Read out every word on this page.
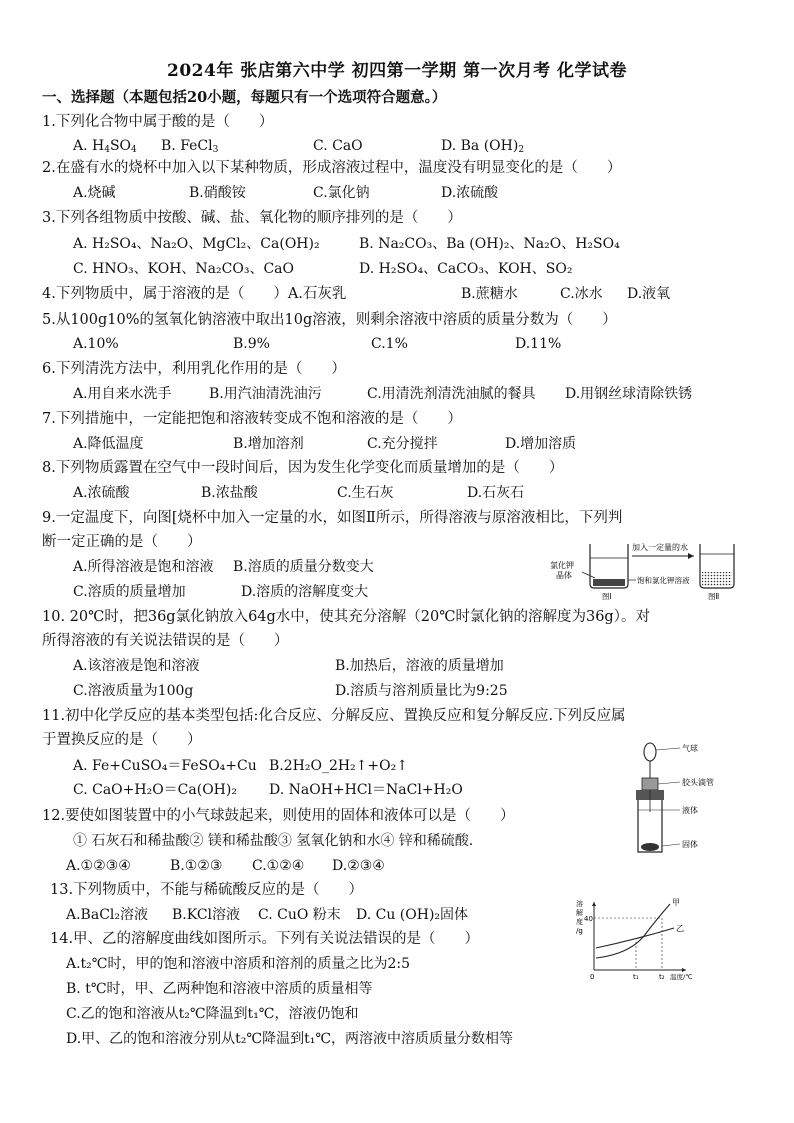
2024年 张店第六中学 初四第一学期 第一次月考 化学试卷
一、选择题（本题包括20小题，每题只有一个选项符合题意。）
1.下列化合物中属于酸的是（　　）
A. $H_4SO_4$ B. FeCl$_3$	C. CaO	D. Ba $(OH)_2$
2.在盛有水的烧杯中加入以下某种物质，形成溶液过程中，温度没有明显变化的是（　　）
A.烧碱	B.硝酸铵	C.氯化钠	D.浓硫酸
3.下列各组物质中按酸、碱、盐、氧化物的顺序排列的是（　　）
A. H₂SO₄、Na₂O、MgCl₂、Ca(OH)₂	B. Na₂CO₃、Ba (OH)₂、Na₂O、H₂SO₄
C. HNO₃、KOH、Na₂CO₃、CaO	D. H₂SO₄、CaCO₃、KOH、SO₂
4.下列物质中，属于溶液的是（　　）A.石灰乳	B.蔗糖水	C.冰水 D.液氧
5.从100g10%的氢氧化钠溶液中取出10g溶液，则剩余溶液中溶质的质量分数为（　　）
A.10%	B.9%	C.1%	D.11%
6.下列清洗方法中，利用乳化作用的是（　　）
A.用自来水洗手	B.用汽油清洗油污	C.用清洗剂清洗油腻的餐具 D.用钢丝球清除铁锈
7.下列措施中，一定能把饱和溶液转变成不饱和溶液的是（　　）
A.降低温度	B.增加溶剂	C.充分搅拌	D.增加溶质
8.下列物质露置在空气中一段时间后，因为发生化学变化而质量增加的是（　　）
A.浓硫酸	B.浓盐酸	C.生石灰	D.石灰石
9.一定温度下，向图[烧杯中加入一定量的水，如图Ⅱ所示，所得溶液与原溶液相比，下列判
断一定正确的是（　　）
A.所得溶液是饱和溶液 B.溶质的质量分数变大
C.溶质的质量增加	D.溶质的溶解度变大
氯化钾
晶体
饱和氯化钾溶液
加入一定量的水
图Ⅰ	图Ⅱ
10. 20℃时，把36g氯化钠放入64g水中，使其充分溶解（20℃时氯化钠的溶解度为36g）。对
所得溶液的有关说法错误的是（　　）
A.该溶液是饱和溶液	B.加热后，溶液的质量增加
C.溶液质量为100g	D.溶质与溶剂质量比为9:25
11.初中化学反应的基本类型包括:化合反应、分解反应、置换反应和复分解反应.下列反应属
于置换反应的是（　　）
A. Fe+CuSO₄＝FeSO₄+Cu B.2H₂O_2H₂↑+O₂↑
C. CaO+H₂O＝Ca(OH)₂ D. NaOH+HCl＝NaCl+H₂O
气球
胶头滴管
液体
固体
12.要使如图装置中的小气球鼓起来，则使用的固体和液体可以是（　　）
① 石灰石和稀盐酸② 镁和稀盐酸③ 氢氧化钠和水④ 锌和稀硫酸.
A.①②③④	B.①②③ C.①②④ D.②③④
13.下列物质中，不能与稀硫酸反应的是（　　）
A.BaCl₂溶液 B.KCl溶液 C. CuO 粉末 D. Cu (OH)₂固体
溶
解
度
/g
40
甲
乙
0	t₁	t₂ 温度/℃
14.甲、乙的溶解度曲线如图所示。下列有关说法错误的是（　　）
A.t₂℃时，甲的饱和溶液中溶质和溶剂的质量之比为2:5
B. t℃时，甲、乙两种饱和溶液中溶质的质量相等
C.乙的饱和溶液从t₂℃降温到t₁℃，溶液仍饱和
D.甲、乙的饱和溶液分别从t₂℃降温到t₁℃，两溶液中溶质质量分数相等
